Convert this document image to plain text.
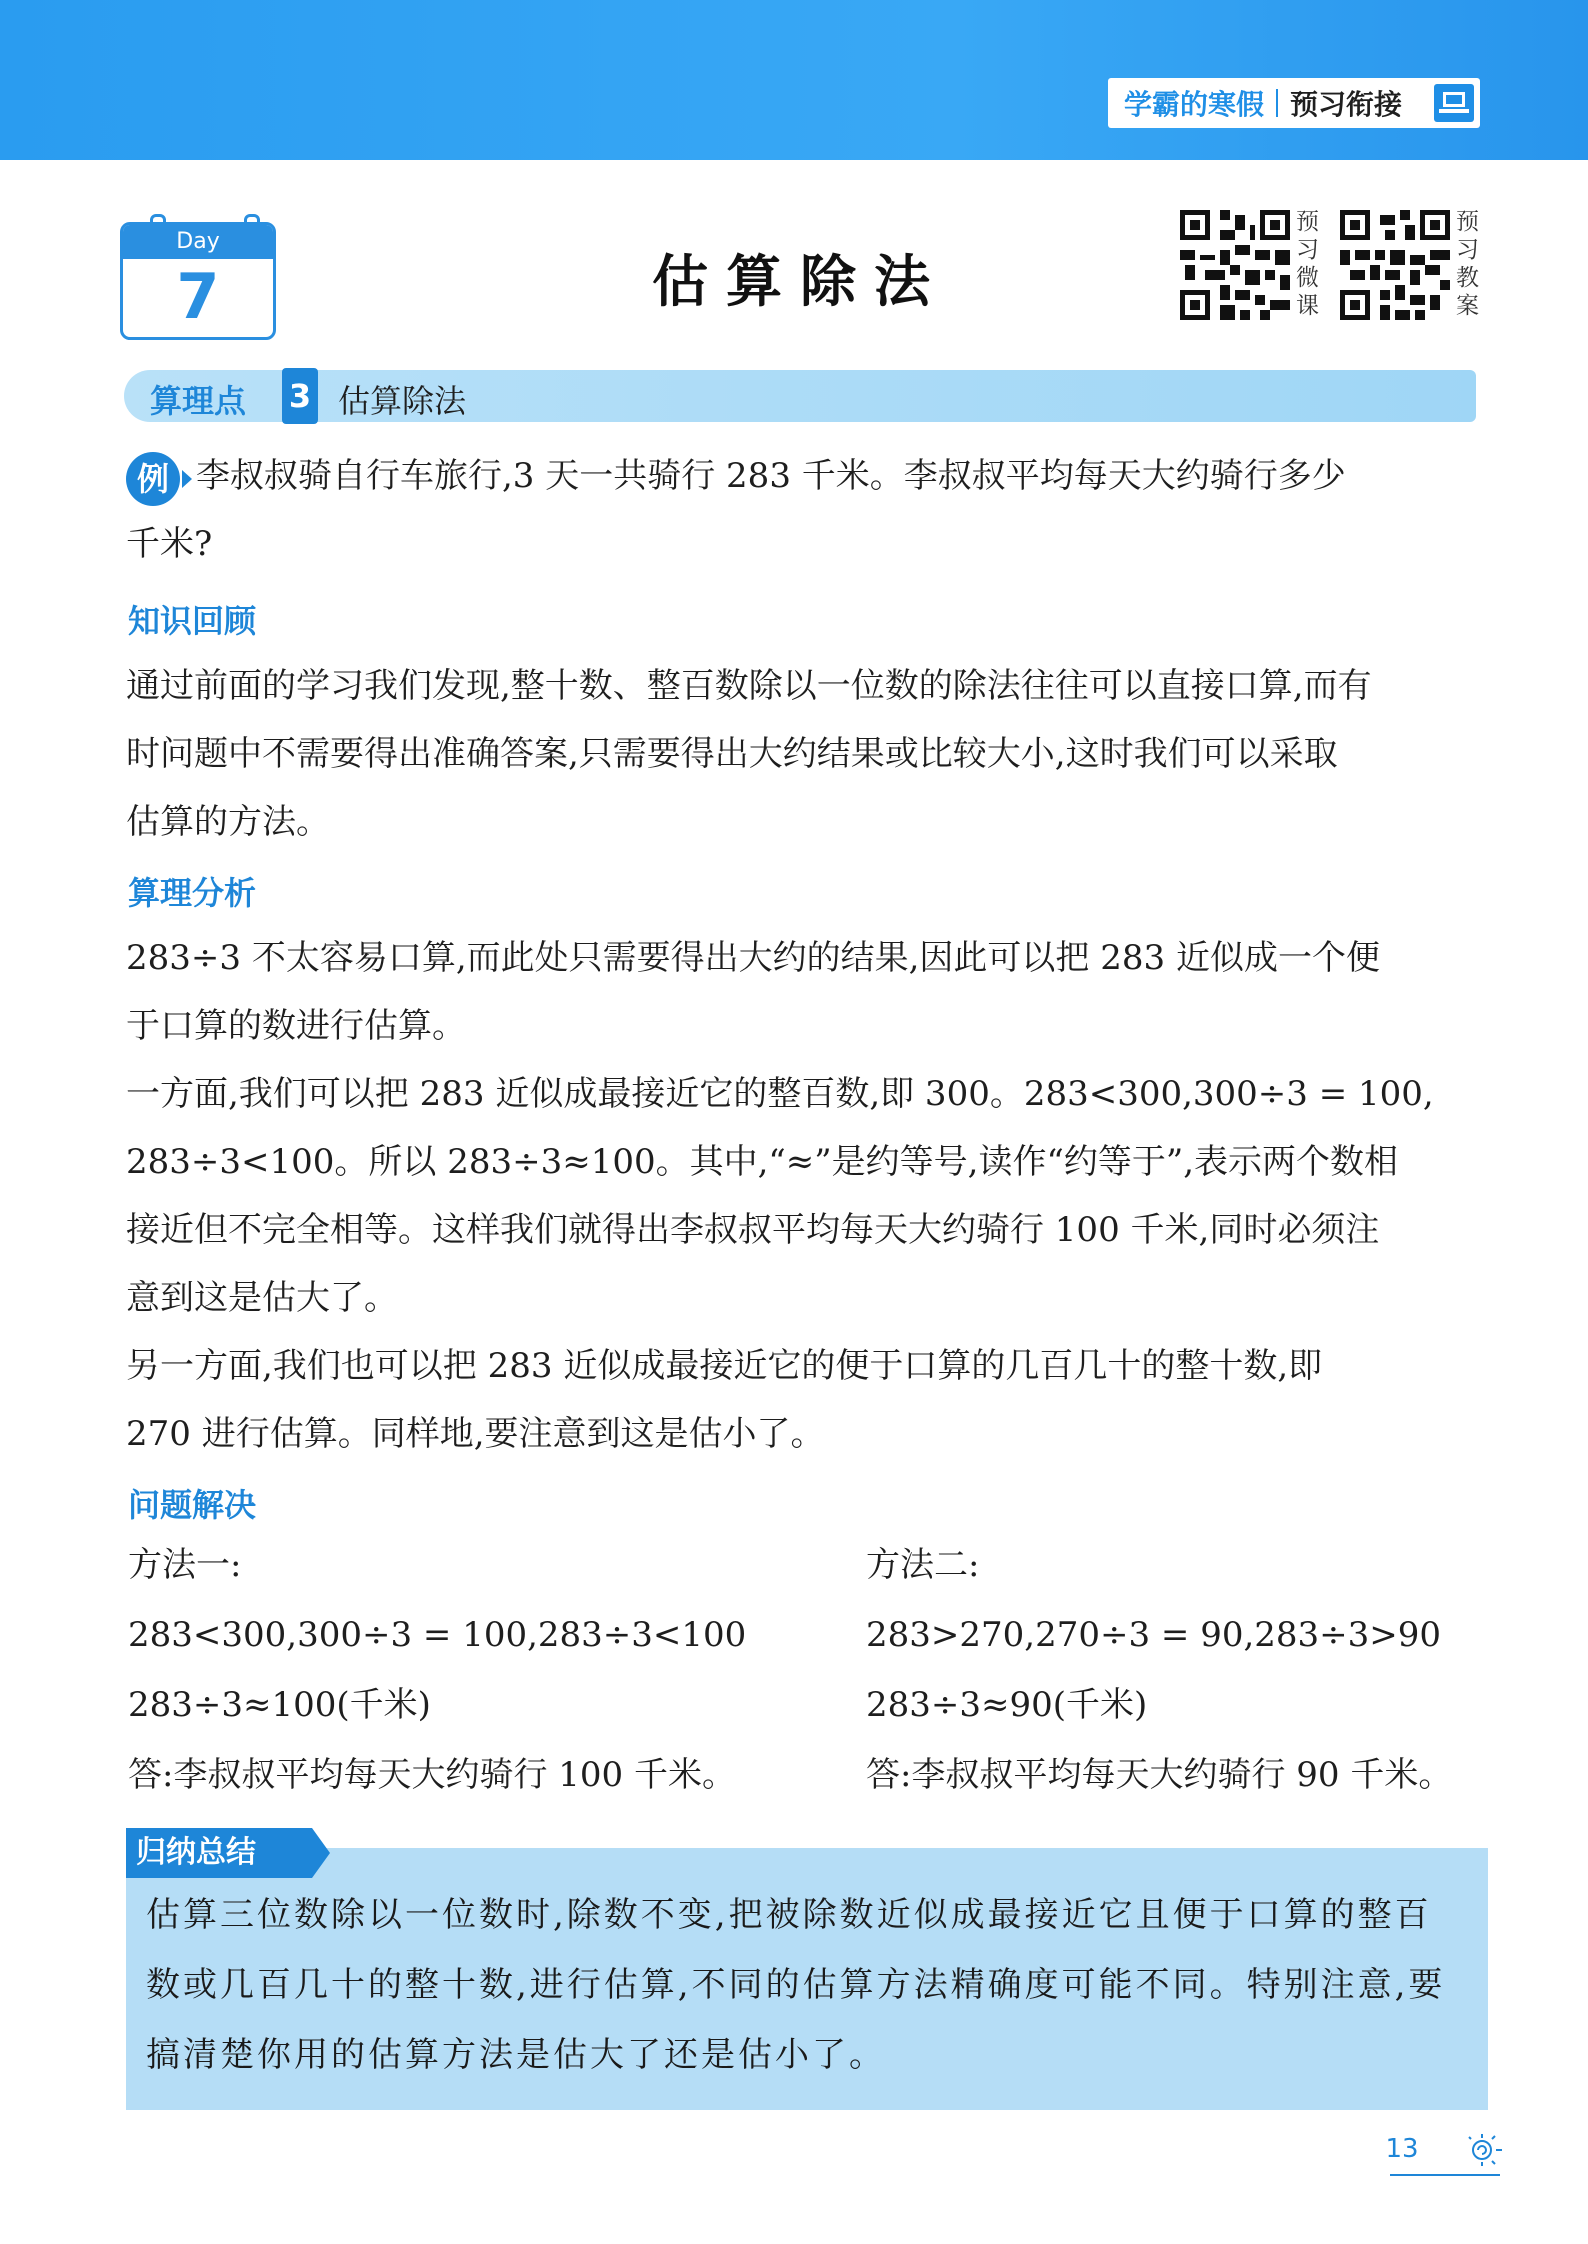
学霸的寒假 预习衔接
Day
7	估算除法
预习微课
预习教案
算理点 3 估算除法
例 李叔叔骑自行车旅行,3 天一共骑行 283 千米。李叔叔平均每天大约骑行多少
千米?
知识回顾
通过前面的学习我们发现,整十数、整百数除以一位数的除法往往可以直接口算,而有
时问题中不需要得出准确答案,只需要得出大约结果或比较大小,这时我们可以采取
估算的方法。
算理分析
283÷3 不太容易口算,而此处只需要得出大约的结果,因此可以把 283 近似成一个便
于口算的数进行估算。
一方面,我们可以把 283 近似成最接近它的整百数,即 300。283<300,300÷3 = 100,
283÷3<100。所以 283÷3≈100。其中,“≈”是约等号,读作“约等于”,表示两个数相
接近但不完全相等。这样我们就得出李叔叔平均每天大约骑行 100 千米,同时必须注
意到这是估大了。
另一方面,我们也可以把 283 近似成最接近它的便于口算的几百几十的整十数,即
270 进行估算。同样地,要注意到这是估小了。
问题解决
方法一:
283<300,300÷3 = 100,283÷3<100
283÷3≈100(千米)
答:李叔叔平均每天大约骑行 100 千米。
方法二:
283>270,270÷3 = 90,283÷3>90
283÷3≈90(千米)
答:李叔叔平均每天大约骑行 90 千米。
归纳总结
估算三位数除以一位数时,除数不变,把被除数近似成最接近它且便于口算的整百
数或几百几十的整十数,进行估算,不同的估算方法精确度可能不同。特别注意,要
搞清楚你用的估算方法是估大了还是估小了。
13
